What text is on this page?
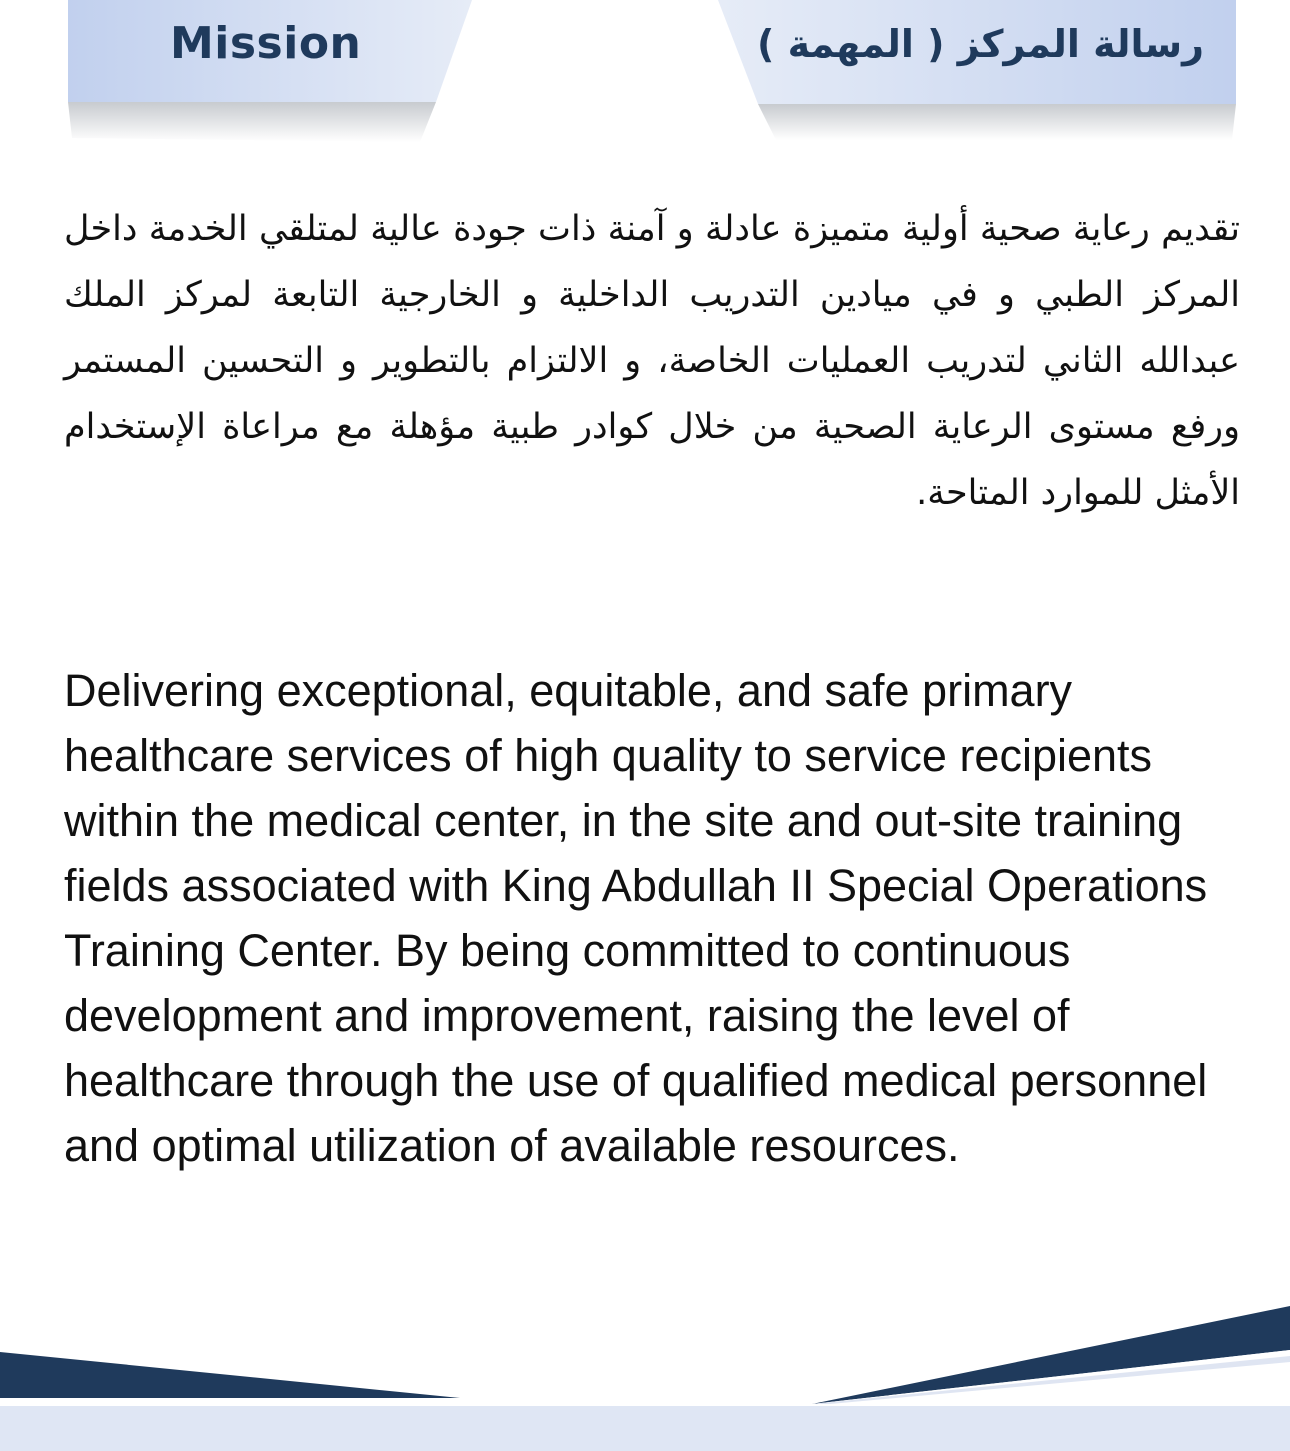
Mission	رسالة المركز ( المهمة )

تقديم رعاية صحية أولية متميزة عادلة و آمنة ذات جودة عالية لمتلقي الخدمة داخل المركز الطبي و في ميادين التدريب الداخلية و الخارجية التابعة لمركز الملك عبدالله الثاني لتدريب العمليات الخاصة، و الالتزام بالتطوير و التحسين المستمر ورفع مستوى الرعاية الصحية من خلال كوادر طبية مؤهلة مع مراعاة الإستخدام الأمثل للموارد المتاحة.

Delivering exceptional, equitable, and safe primary healthcare services of high quality to service recipients within the medical center, in the site and out-site training fields associated with King Abdullah II Special Operations Training Center. By being committed to continuous development and improvement, raising the level of healthcare through the use of qualified medical personnel and optimal utilization of available resources.
